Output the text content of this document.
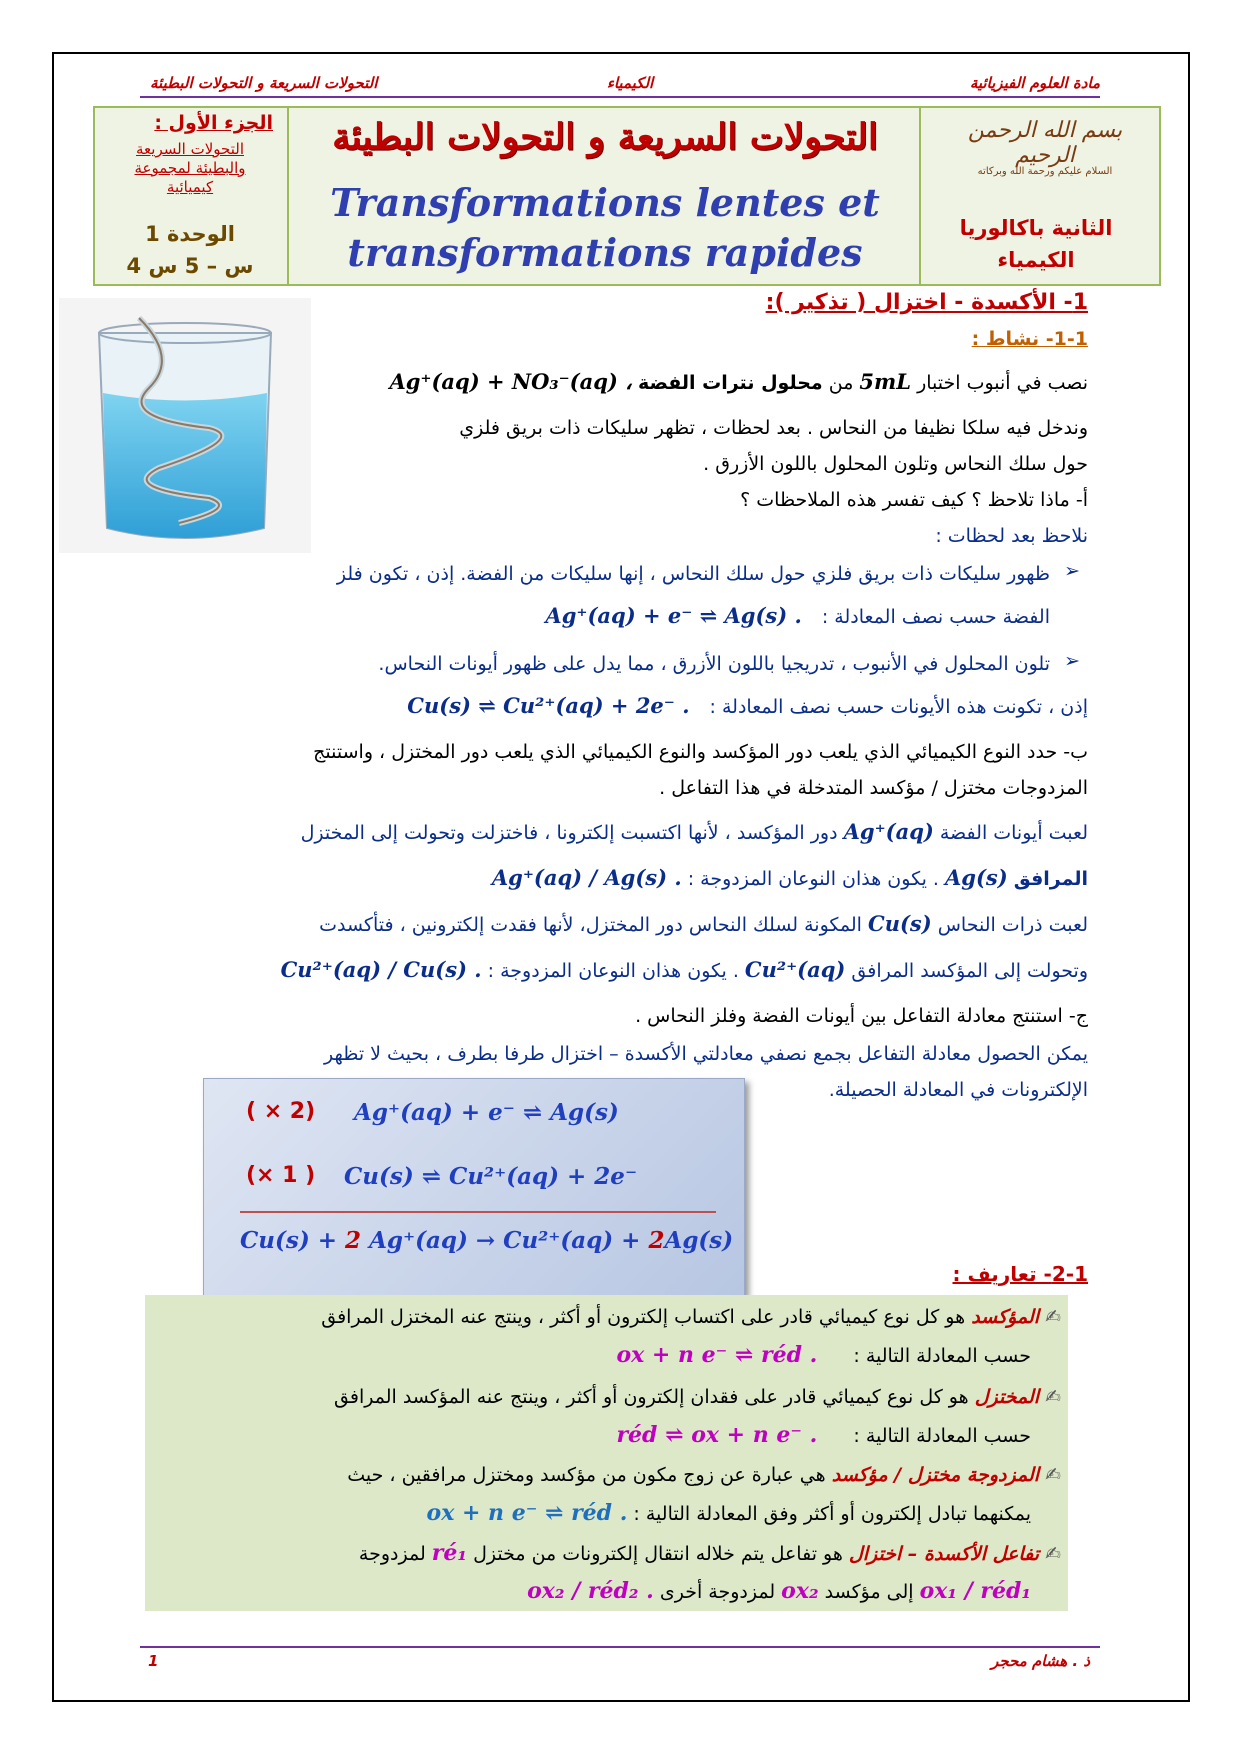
التحولات السريعة و التحولات البطيئة	الكيمياء	مادة العلوم الفيزيائية
الجزء الأول :
التحولات السريعة والبطيئة لمجموعة كيميائية
الوحدة 1
4 س – 5 س
التحولات السريعة و التحولات البطيئة
Transformations lentes et
transformations rapides
بسم الله الرحمن الرحيم
السلام عليكم ورحمة الله وبركاته
الثانية باكالوريا
الكيمياء
1- الأكسدة - اختزال ( تذكير ):
1-1- نشاط :
نصب في أنبوب اختبار 5mL من محلول نترات الفضة Ag⁺(aq) + NO₃⁻(aq) ،
وندخل فيه سلكا نظيفا من النحاس . بعد لحظات ، تظهر سليكات ذات بريق فلزي
حول سلك النحاس وتلون المحلول باللون الأزرق .
أ- ماذا تلاحظ ؟ كيف تفسر هذه الملاحظات ؟
نلاحظ بعد لحظات :
ظهور سليكات ذات بريق فلزي حول سلك النحاس ، إنها سليكات من الفضة. إذن ، تكون فلز ➢
الفضة حسب نصف المعادلة : Ag⁺(aq) + e⁻ ⇌ Ag(s) .
تلون المحلول في الأنبوب ، تدريجيا باللون الأزرق ، مما يدل على ظهور أيونات النحاس. ➢
إذن ، تكونت هذه الأيونات حسب نصف المعادلة : Cu(s) ⇌ Cu²⁺(aq) + 2e⁻ .
ب- حدد النوع الكيميائي الذي يلعب دور المؤكسد والنوع الكيميائي الذي يلعب دور المختزل ، واستنتج
المزدوجات مختزل / مؤكسد المتدخلة في هذا التفاعل .
لعبت أيونات الفضة Ag⁺(aq) دور المؤكسد ، لأنها اكتسبت إلكترونا ، فاختزلت وتحولت إلى المختزل
المرافق Ag(s) . يكون هذان النوعان المزدوجة : Ag⁺(aq) / Ag(s) .
لعبت ذرات النحاس Cu(s) المكونة لسلك النحاس دور المختزل، لأنها فقدت إلكترونين ، فتأكسدت
وتحولت إلى المؤكسد المرافق Cu²⁺(aq) . يكون هذان النوعان المزدوجة : Cu²⁺(aq) / Cu(s) .
ج- استنتج معادلة التفاعل بين أيونات الفضة وفلز النحاس .
يمكن الحصول معادلة التفاعل بجمع نصفي معادلتي الأكسدة – اختزال طرفا بطرف ، بحيث لا تظهر
الإلكترونات في المعادلة الحصيلة.
( × 2) Ag⁺(aq) + e⁻ ⇌ Ag(s)
(× 1 ) Cu(s) ⇌ Cu²⁺(aq) + 2e⁻
Cu(s) + 2 Ag⁺(aq) → Cu²⁺(aq) + 2Ag(s)
2-1- تعاريف :
✍ المؤكسد هو كل نوع كيميائي قادر على اكتساب إلكترون أو أكثر ، وينتج عنه المختزل المرافق
حسب المعادلة التالية : ox + n e⁻ ⇌ réd .
✍ المختزل هو كل نوع كيميائي قادر على فقدان إلكترون أو أكثر ، وينتج عنه المؤكسد المرافق
حسب المعادلة التالية : réd ⇌ ox + n e⁻ .
✍ المزدوجة مختزل / مؤكسد هي عبارة عن زوج مكون من مؤكسد ومختزل مرافقين ، حيث
يمكنهما تبادل إلكترون أو أكثر وفق المعادلة التالية : ox + n e⁻ ⇌ réd .
✍ تفاعل الأكسدة – اختزال هو تفاعل يتم خلاله انتقال إلكترونات من مختزل ré₁ لمزدوجة
ox₁ / réd₁ إلى مؤكسد ox₂ لمزدوجة أخرى ox₂ / réd₂ .
ذ . هشام محجر
1
